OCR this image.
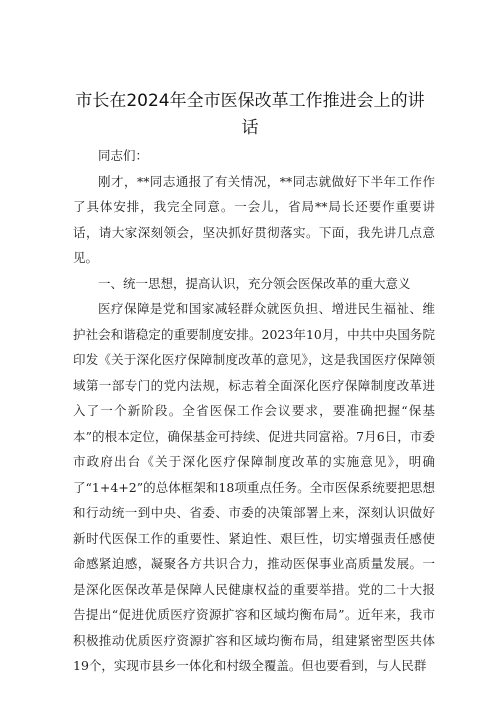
市长在2024年全市医保改革工作推进会上的讲话

同志们：

刚才，**同志通报了有关情况，**同志就做好下半年工作作了具体安排，我完全同意。一会儿，省局**局长还要作重要讲话，请大家深刻领会，坚决抓好贯彻落实。下面，我先讲几点意见。

一、统一思想，提高认识，充分领会医保改革的重大意义

医疗保障是党和国家减轻群众就医负担、增进民生福祉、维护社会和谐稳定的重要制度安排。2023年10月，中共中央国务院印发《关于深化医疗保障制度改革的意见》，这是我国医疗保障领域第一部专门的党内法规，标志着全面深化医疗保障制度改革进入了一个新阶段。全省医保工作会议要求，要准确把握“保基本”的根本定位，确保基金可持续、促进共同富裕。7月6日，市委市政府出台《关于深化医疗保障制度改革的实施意见》，明确了“1+4+2”的总体框架和18项重点任务。全市医保系统要把思想和行动统一到中央、省委、市委的决策部署上来，深刻认识做好新时代医保工作的重要性、紧迫性、艰巨性，切实增强责任感使命感紧迫感，凝聚各方共识合力，推动医保事业高质量发展。一是深化医保改革是保障人民健康权益的重要举措。党的二十大报告提出“促进优质医疗资源扩容和区域均衡布局”。近年来，我市积极推动优质医疗资源扩容和区域均衡布局，组建紧密型医共体19个，实现市县乡一体化和村级全覆盖。但也要看到，与人民群
